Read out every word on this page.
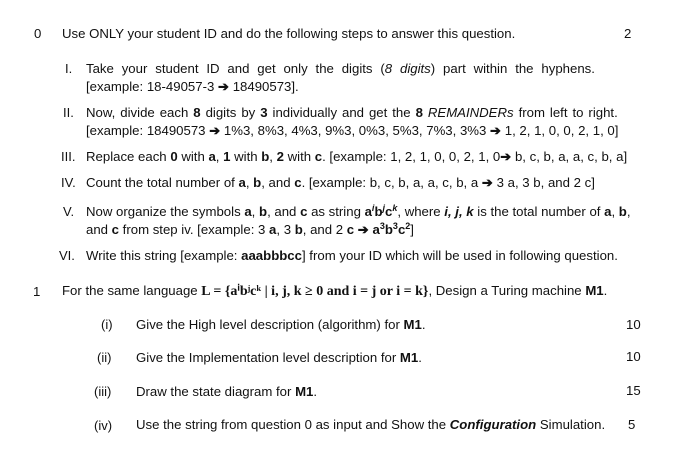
0 Use ONLY your student ID and do the following steps to answer this question.	2
I. Take your student ID and get only the digits (8 digits) part within the hyphens.
[example: 18-49057-3 ➔ 18490573].
II. Now, divide each 8 digits by 3 individually and get the 8 REMAINDERs from left to right.
[example: 18490573 ➔ 1%3, 8%3, 4%3, 9%3, 0%3, 5%3, 7%3, 3%3 ➔ 1, 2, 1, 0, 0, 2, 1, 0]
III. Replace each 0 with a, 1 with b, 2 with c. [example: 1, 2, 1, 0, 0, 2, 1, 0➔ b, c, b, a, a, c, b, a]
IV. Count the total number of a, b, and c. [example: b, c, b, a, a, c, b, a ➔ 3 a, 3 b, and 2 c]
V. Now organize the symbols a, b, and c as string $a^ib^jc^k$, where i, j, k is the total number of a, b,
and c from step iv. [example: 3 a, 3 b, and 2 c ➔ $a^3b^3c^2$]
VI. Write this string [example: aaabbbcc] from your ID which will be used in following question.
1 For the same language L = {aⁱbʲcᵏ | i, j, k ≥ 0 and i = j or i = k}, Design a Turing machine M1.
(i) Give the High level description (algorithm) for M1.	10
(ii) Give the Implementation level description for M1.	10
(iii) Draw the state diagram for M1.	15
(iv) Use the string from question 0 as input and Show the Configuration Simulation. 5
